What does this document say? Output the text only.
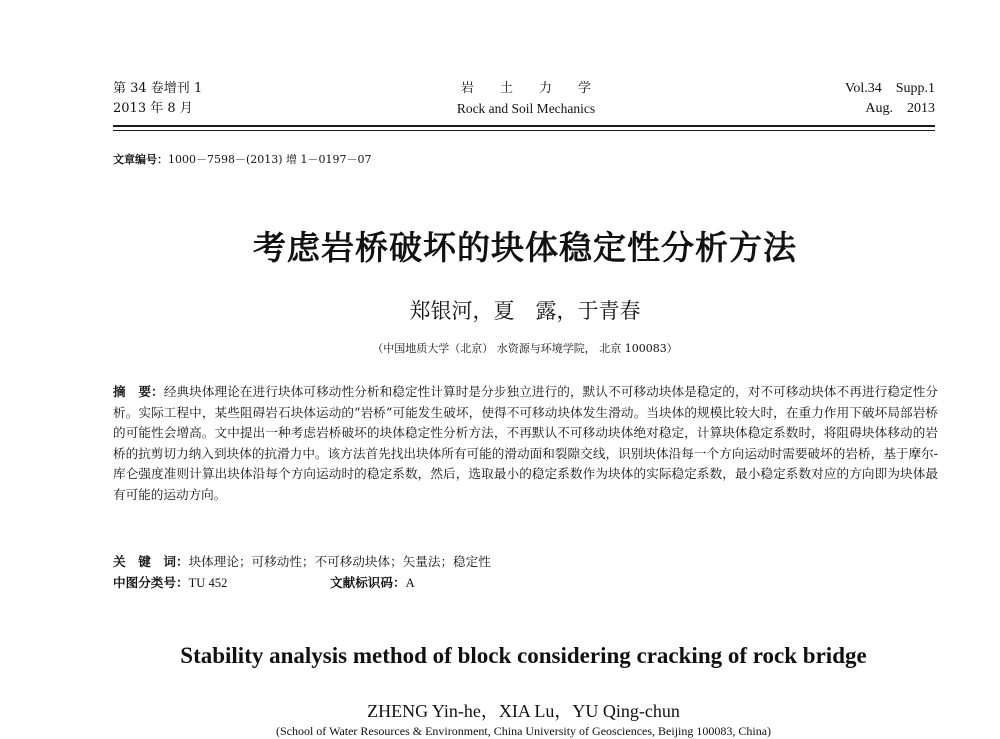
第 34 卷增刊 1
2013 年 8 月
岩　　土　　力　　学
Rock and Soil Mechanics
Vol.34　Supp.1
Aug.　2013
文章编号：1000－7598－(2013) 增 1－0197－07
考虑岩桥破坏的块体稳定性分析方法
郑银河，夏　露，于青春
（中国地质大学（北京） 水资源与环境学院， 北京 100083）
摘　要：经典块体理论在进行块体可移动性分析和稳定性计算时是分步独立进行的，默认不可移动块体是稳定的，对不可移动块体不再进行稳定性分析。实际工程中，某些阻碍岩石块体运动的“岩桥”可能发生破坏，使得不可移动块体发生滑动。当块体的规模比较大时，在重力作用下破坏局部岩桥的可能性会增高。文中提出一种考虑岩桥破坏的块体稳定性分析方法，不再默认不可移动块体绝对稳定，计算块体稳定系数时，将阻碍块体移动的岩桥的抗剪切力纳入到块体的抗滑力中。该方法首先找出块体所有可能的滑动面和裂隙交线，识别块体沿每一个方向运动时需要破坏的岩桥，基于摩尔-库仑强度准则计算出块体沿每个方向运动时的稳定系数，然后，选取最小的稳定系数作为块体的实际稳定系数，最小稳定系数对应的方向即为块体最有可能的运动方向。
关　键　词：块体理论；可移动性；不可移动块体；矢量法；稳定性
中图分类号：TU 452	文献标识码：A
Stability analysis method of block considering cracking of rock bridge
ZHENG Yin-he，XIA Lu，YU Qing-chun
(School of Water Resources & Environment, China University of Geosciences, Beijing 100083, China)
